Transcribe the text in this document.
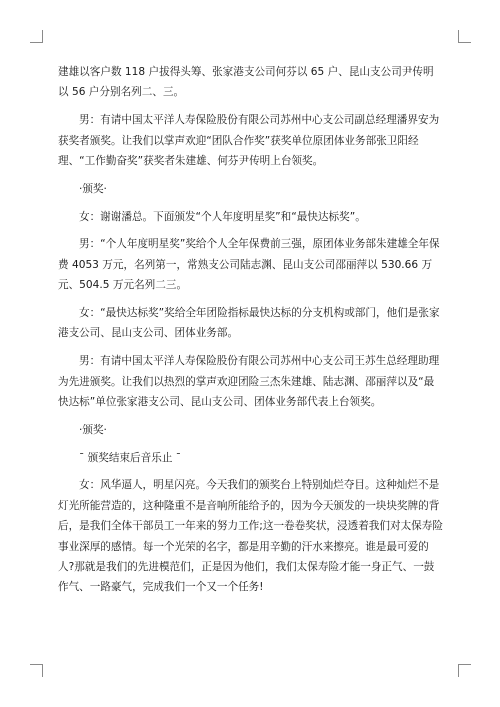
建雄以客户数 118 户拔得头筹、张家港支公司何芬以 65 户、昆山支公司尹传明以 56 户分别名列二、三。

男：有请中国太平洋人寿保险股份有限公司苏州中心支公司副总经理潘界安为获奖者颁奖。让我们以掌声欢迎“团队合作奖”获奖单位原团体业务部张卫阳经理、“工作勤奋奖”获奖者朱建雄、何芬尹传明上台领奖。

·颁奖·

女：谢谢潘总。下面颁发“个人年度明星奖”和“最快达标奖”。

男：“个人年度明星奖”奖给个人全年保费前三强，原团体业务部朱建雄全年保费 4053 万元，名列第一，常熟支公司陆志渊、昆山支公司邵丽萍以 530.66 万元、504.5 万元名列二三。

女：“最快达标奖”奖给全年团险指标最快达标的分支机构或部门，他们是张家港支公司、昆山支公司、团体业务部。

男：有请中国太平洋人寿保险股份有限公司苏州中心支公司王苏生总经理助理为先进颁奖。让我们以热烈的掌声欢迎团险三杰朱建雄、陆志渊、邵丽萍以及“最快达标”单位张家港支公司、昆山支公司、团体业务部代表上台领奖。

·颁奖·

¯ 颁奖结束后音乐止 ¯

女：风华逼人，明星闪亮。今天我们的颁奖台上特别灿烂夺目。这种灿烂不是灯光所能营造的，这种隆重不是音响所能给予的，因为今天颁发的一块块奖牌的背后，是我们全体干部员工一年来的努力工作;这一卷卷奖状，浸透着我们对太保寿险事业深厚的感情。每一个光荣的名字，都是用辛勤的汗水来擦亮。谁是最可爱的人?那就是我们的先进模范们，正是因为他们，我们太保寿险才能一身正气、一鼓作气、一路豪气，完成我们一个又一个任务!
